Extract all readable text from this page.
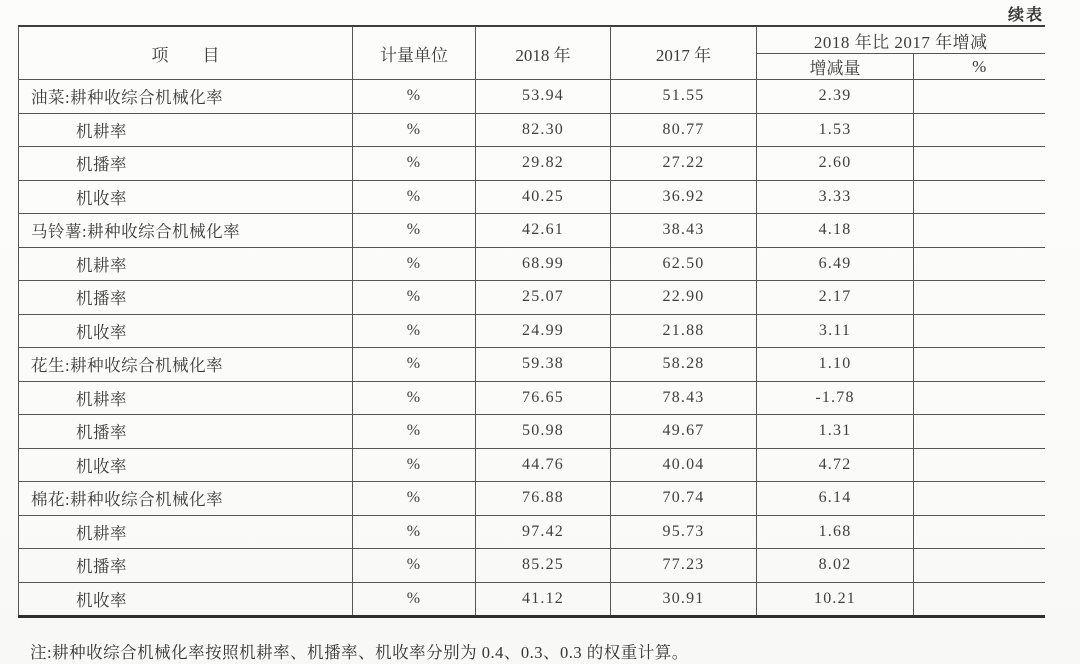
续表
项　　目	计量单位	2018 年	2017 年	2018 年比 2017 年增减	
				增减量	%
油菜:耕种收综合机械化率	%	53.94	51.55	2.39	
机耕率	%	82.30	80.77	1.53	
机播率	%	29.82	27.22	2.60	
机收率	%	40.25	36.92	3.33	
马铃薯:耕种收综合机械化率	%	42.61	38.43	4.18	
机耕率	%	68.99	62.50	6.49	
机播率	%	25.07	22.90	2.17	
机收率	%	24.99	21.88	3.11	
花生:耕种收综合机械化率	%	59.38	58.28	1.10	
机耕率	%	76.65	78.43	-1.78	
机播率	%	50.98	49.67	1.31	
机收率	%	44.76	40.04	4.72	
棉花:耕种收综合机械化率	%	76.88	70.74	6.14	
机耕率	%	97.42	95.73	1.68	
机播率	%	85.25	77.23	8.02	
机收率	%	41.12	30.91	10.21	
注:耕种收综合机械化率按照机耕率、机播率、机收率分别为 0.4、0.3、0.3 的权重计算。
